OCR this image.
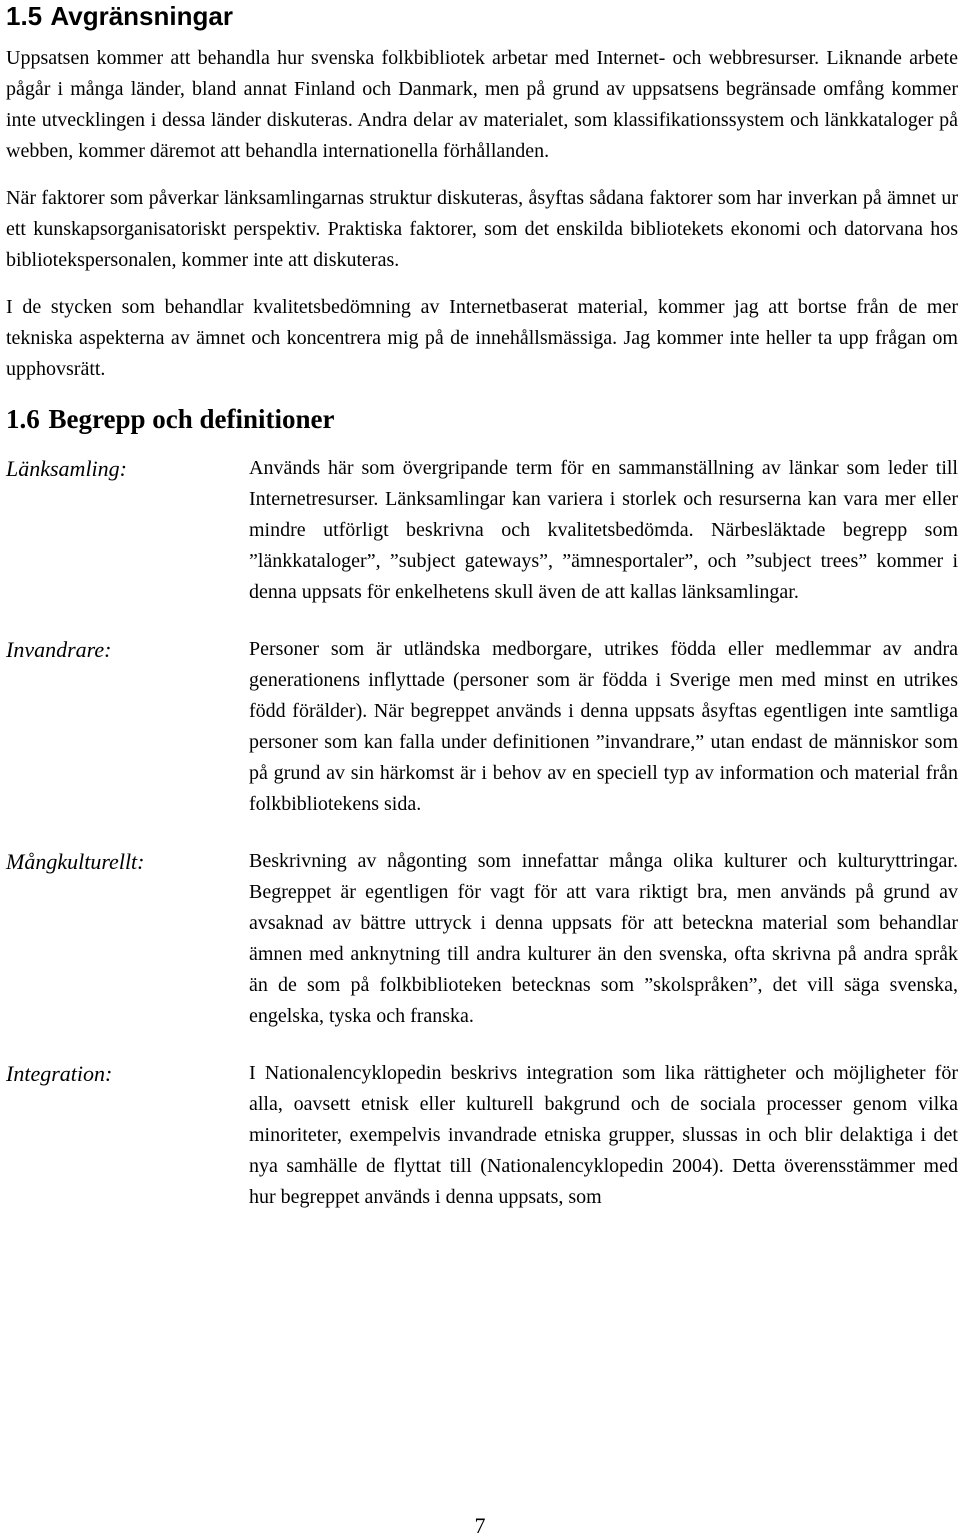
1.5 Avgränsningar

Uppsatsen kommer att behandla hur svenska folkbibliotek arbetar med Internet- och webbresurser. Liknande arbete pågår i många länder, bland annat Finland och Danmark, men på grund av uppsatsens begränsade omfång kommer inte utvecklingen i dessa länder diskuteras. Andra delar av materialet, som klassifikationssystem och länkkataloger på webben, kommer däremot att behandla internationella förhållanden.

När faktorer som påverkar länksamlingarnas struktur diskuteras, åsyftas sådana faktorer som har inverkan på ämnet ur ett kunskapsorganisatoriskt perspektiv. Praktiska faktorer, som det enskilda bibliotekets ekonomi och datorvana hos bibliotekspersonalen, kommer inte att diskuteras.

I de stycken som behandlar kvalitetsbedömning av Internetbaserat material, kommer jag att bortse från de mer tekniska aspekterna av ämnet och koncentrera mig på de innehållsmässiga. Jag kommer inte heller ta upp frågan om upphovsrätt.

1.6 Begrepp och definitioner
Länksamling:	Används här som övergripande term för en sammanställning av länkar som leder till Internetresurser. Länksamlingar kan variera i storlek och resurserna kan vara mer eller mindre utförligt beskrivna och kvalitetsbedömda. Närbesläktade begrepp som ”länkkataloger”, ”subject gateways”, ”ämnesportaler”, och ”subject trees” kommer i denna uppsats för enkelhetens skull även de att kallas länksamlingar.
Invandrare:	Personer som är utländska medborgare, utrikes födda eller medlemmar av andra generationens inflyttade (personer som är födda i Sverige men med minst en utrikes född förälder). När begreppet används i denna uppsats åsyftas egentligen inte samtliga personer som kan falla under definitionen ”invandrare,” utan endast de människor som på grund av sin härkomst är i behov av en speciell typ av information och material från folkbibliotekens sida.
Mångkulturellt:	Beskrivning av någonting som innefattar många olika kulturer och kulturyttringar. Begreppet är egentligen för vagt för att vara riktigt bra, men används på grund av avsaknad av bättre uttryck i denna uppsats för att beteckna material som behandlar ämnen med anknytning till andra kulturer än den svenska, ofta skrivna på andra språk än de som på folkbiblioteken betecknas som ”skolspråken”, det vill säga svenska, engelska, tyska och franska.
Integration:	I Nationalencyklopedin beskrivs integration som lika rättigheter och möjligheter för alla, oavsett etnisk eller kulturell bakgrund och de sociala processer genom vilka minoriteter, exempelvis invandrade etniska grupper, slussas in och blir delaktiga i det nya samhälle de flyttat till (Nationalencyklopedin 2004). Detta överensstämmer med hur begreppet används i denna uppsats, som
7
